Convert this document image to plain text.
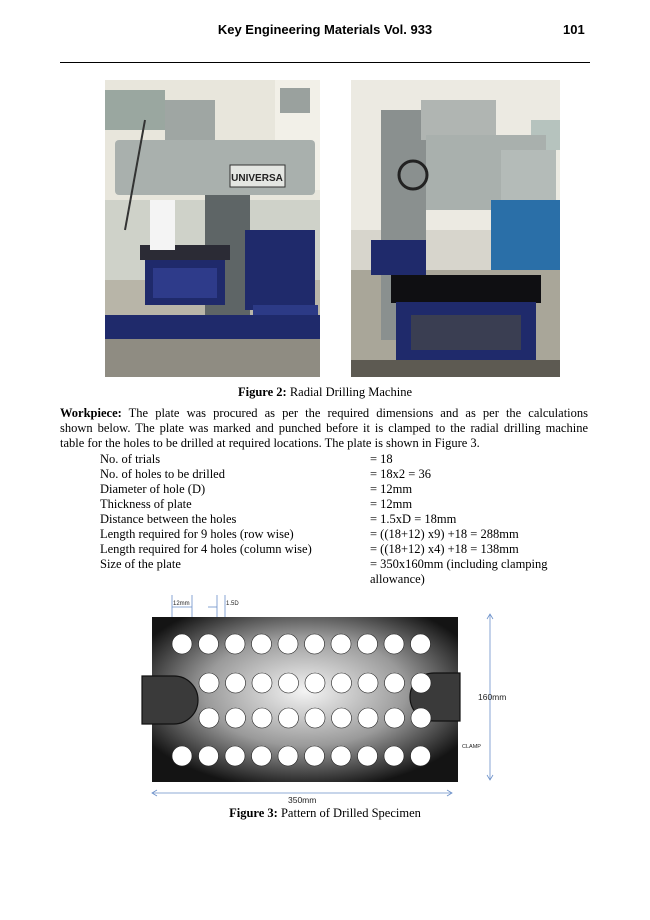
Key Engineering Materials Vol. 933	101
UNIVERSA
Figure 2: Radial Drilling Machine
Workpiece: The plate was procured as per the required dimensions and as per the calculations
shown below. The plate was marked and punched before it is clamped to the radial drilling machine
table for the holes to be drilled at required locations. The plate is shown in Figure 3.
No. of trials	= 18
No. of holes to be drilled	= 18x2 = 36
Diameter of hole (D)	= 12mm
Thickness of plate	= 12mm
Distance between the holes	= 1.5xD = 18mm
Length required for 9 holes (row wise)	= ((18+12) x9) +18 = 288mm
Length required for 4 holes (column wise)	= ((18+12) x4) +18 = 138mm
Size of the plate	= 350x160mm (including clamping
allowance)
12mm	1.5D
160mm
CLAMP
350mm
Figure 3: Pattern of Drilled Specimen
